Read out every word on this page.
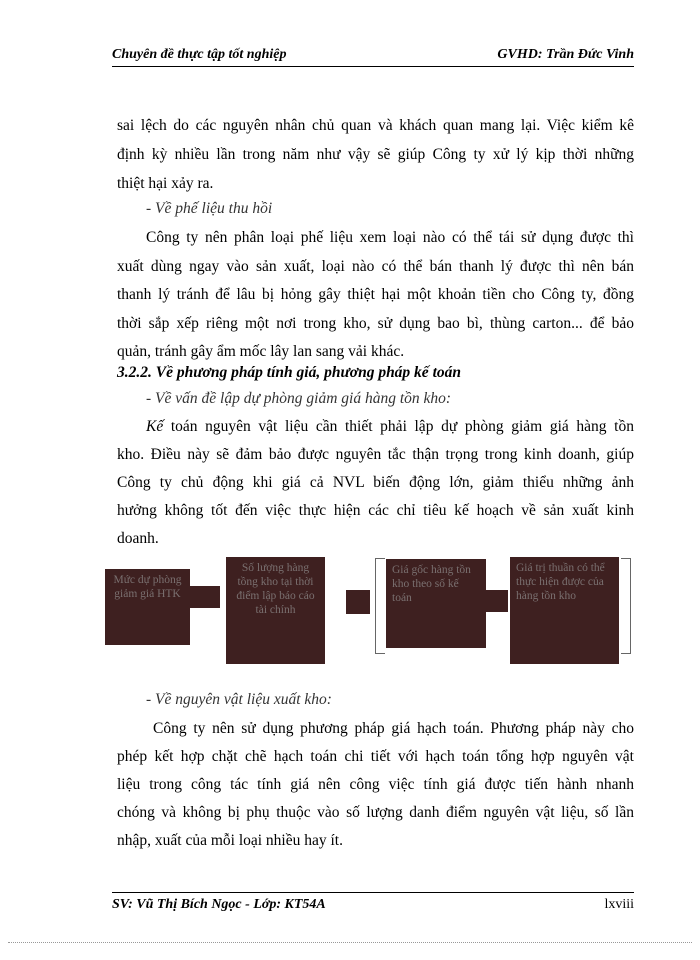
Chuyên đề thực tập tốt nghiệp	GVHD: Trần Đức Vinh
sai lệch do các nguyên nhân chủ quan và khách quan mang lại. Việc kiểm kê
định kỳ nhiều lần trong năm như vậy sẽ giúp Công ty xử lý kịp thời những
thiệt hại xảy ra.
- Về phế liệu thu hồi
Công ty nên phân loại phế liệu xem loại nào có thể tái sử dụng được thì
xuất dùng ngay vào sản xuất, loại nào có thể bán thanh lý được thì nên bán
thanh lý tránh để lâu bị hỏng gây thiệt hại một khoản tiền cho Công ty, đồng
thời sắp xếp riêng một nơi trong kho, sử dụng bao bì, thùng carton... để bảo
quản, tránh gây ẩm mốc lây lan sang vải khác.
3.2.2. Về phương pháp tính giá, phương pháp kế toán
- Về vấn đề lập dự phòng giảm giá hàng tồn kho:
Kế toán nguyên vật liệu cần thiết phải lập dự phòng giảm giá hàng tồn
kho. Điều này sẽ đảm bảo được nguyên tắc thận trọng trong kinh doanh, giúp
Công ty chủ động khi giá cả NVL biến động lớn, giảm thiểu những ảnh
hưởng không tốt đến việc thực hiện các chỉ tiêu kế hoạch về sản xuất kinh
doanh.
Mức dự phòng giảm giá HTK
Số lượng hàng tồng kho tại thời điểm lập báo cáo tài chính
Giá gốc hàng tồn kho theo số kế toán
Giá trị thuần có thể thực hiện được của hàng tồn kho
- Về nguyên vật liệu xuất kho:
Công ty nên sử dụng phương pháp giá hạch toán. Phương pháp này cho
phép kết hợp chặt chẽ hạch toán chi tiết với hạch toán tổng hợp nguyên vật
liệu trong công tác tính giá nên công việc tính giá được tiến hành nhanh
chóng và không bị phụ thuộc vào số lượng danh điểm nguyên vật liệu, số lần
nhập, xuất của mỗi loại nhiều hay ít.
SV: Vũ Thị Bích Ngọc - Lớp: KT54A	lxviii
